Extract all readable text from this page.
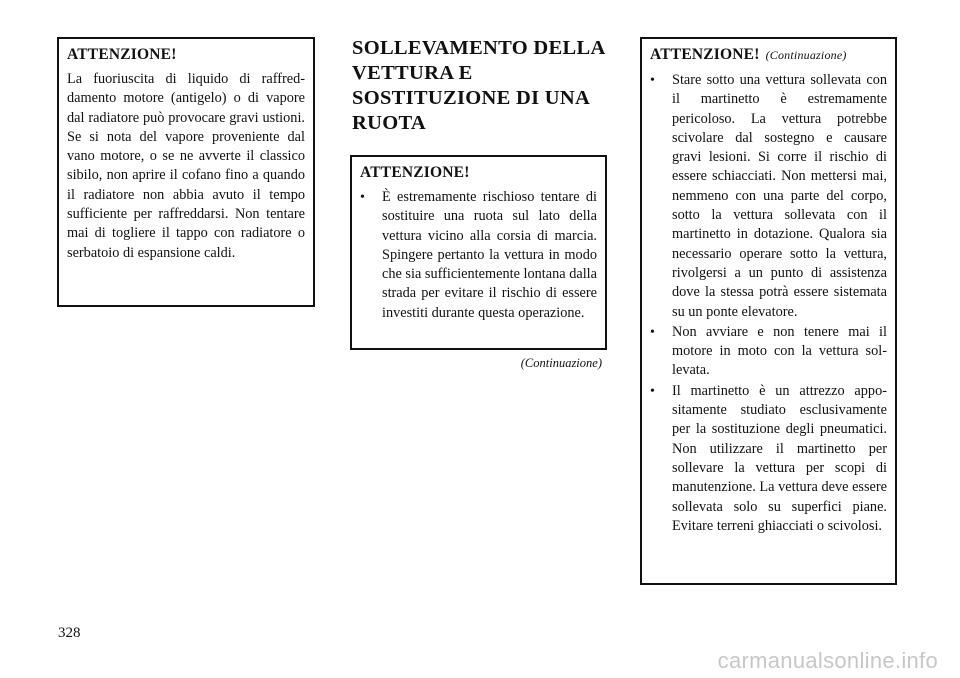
ATTENZIONE!

La fuoriuscita di liquido di raffreddamento motore (antigelo) o di vapore dal radiatore può provocare gravi ustioni. Se si nota del vapore proveniente dal vano motore, o se ne avverte il classico sibilo, non aprire il cofano fino a quando il radiatore non abbia avuto il tempo sufficiente per raffreddarsi. Non tentare mai di togliere il tappo con radiatore o serbatoio di espansione caldi.

SOLLEVAMENTO DELLA VETTURA E SOSTITUZIONE DI UNA RUOTA
ATTENZIONE!
•	È estremamente rischioso tentare di sostituire una ruota sul lato della vettura vicino alla corsia di marcia. Spingere pertanto la vettura in modo che sia sufficientemente lontana dalla strada per evitare il rischio di essere investiti durante questa operazione.
(Continuazione)
ATTENZIONE! (Continuazione)
•	Stare sotto una vettura sollevata con il martinetto è estremamente pericoloso. La vettura potrebbe scivolare dal sostegno e causare gravi lesioni. Si corre il rischio di essere schiacciati. Non mettersi mai, nemmeno con una parte del corpo, sotto la vettura sollevata con il martinetto in dotazione. Qualora sia necessario operare sotto la vettura, rivolgersi a un punto di assistenza dove la stessa potrà essere sistemata su un ponte elevatore.
•	Non avviare e non tenere mai il motore in moto con la vettura sollevata.
•	Il martinetto è un attrezzo appositamente studiato esclusivamente per la sostituzione degli pneumatici. Non utilizzare il martinetto per sollevare la vettura per scopi di manutenzione. La vettura deve essere sollevata solo su superfici piane. Evitare terreni ghiacciati o scivolosi.
328
carmanualsonline.info
